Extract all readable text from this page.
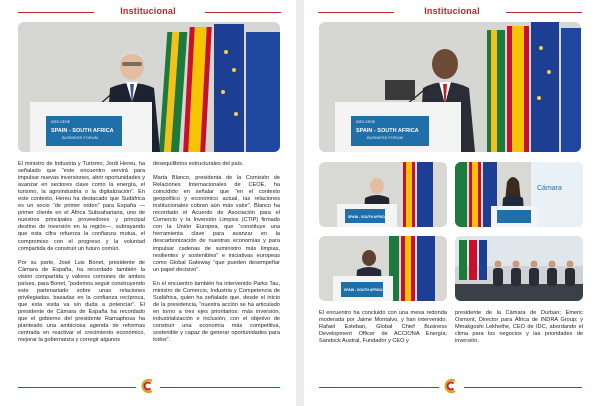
Institucional
ICEX CEOE
SPAIN - SOUTH AFRICA
BUSINESS FORUM

El ministro de Industria y Turismo, Jordi Hereu, ha señalado que “este encuentro servirá para impulsar nuevas inversiones, abrir oportunidades y avanzar en sectores clave como la energía, el turismo, la agroindustria o la digitalización”. En este contexto, Hereu ha destacado que Sudáfrica es un socio “de primer orden” para España —primer cliente en el África Subsahariana, uno de nuestros principales proveedores y principal destino de inversión en la región—, subrayando que esta cifra refuerza la confianza mutua, el compromiso con el progreso y la voluntad compartida de construir un futuro común.

Por su parte, José Luis Bonet, presidente de Cámara de España, ha recordado también la visión compartida y valores comunes de ambos países, para Bonet, “podemos seguir construyendo este partenariado sobre unas relaciones privilegiadas, basadas en la confianza recíproca, que esta visita va sin duda a potenciar”. El presidente de Cámara de España ha recordado que el gobierno del presidente Ramaphosa ha planteado una ambiciosa agenda de reformas centrada en reactivar el crecimiento económico, mejorar la gobernanza y corregir algunos

desequilibrios estructurales del país.

Marta Blanco, presidenta de la Comisión de Relaciones Internacionales de CEOE, ha coincidido en señalar que “en el contexto geopolítico y económico actual, las relaciones institucionales cobran aún más valor”. Blanco ha recordado el Acuerdo de Asociación para el Comercio y la Inversión Limpios (CTIP) firmado con la Unión Europea, que “constituye una herramienta clave para avanzar en la descarbonización de nuestras economías y para impulsar cadenas de suministro más limpias, resilientes y sostenibles” e iniciativas europeas como Global Gateway “que pueden desempeñar un papel decisivo”.

En el encuentro también ha intervenido Parks Tau, ministro de Comercio, Industria y Competencia de Sudáfrica, quien ha señalado que, desde el inicio de la presidencia, “nuestra acción se ha articulado en torno a tres ejes prioritarios: más inversión, industrialización e inclusión, con el objetivo de construir una economía más competitiva, sostenible y capaz de generar oportunidades para todos”.

Institucional
ICEX CEOE
SPAIN - SOUTH AFRICA
BUSINESS FORUM
SPAIN - SOUTH AFRICA
Cámara
SPAIN - SOUTH AFRICA
El encuentro ha concluido con una mesa redonda moderada por Jaime Montalvo, y han intervenido, Rafael Esteban, Global Chief Business Development Officer de ACCIONA Energía; Sandock Austral, Fundador y CEO y
presidente de la Cámara de Durban; Emeric Osmont, Director para África de INDRA Group; y Mmakgoshi Lekhethe, CEO de IDC, abordando el clima para los negocios y las prioridades de inversión.
